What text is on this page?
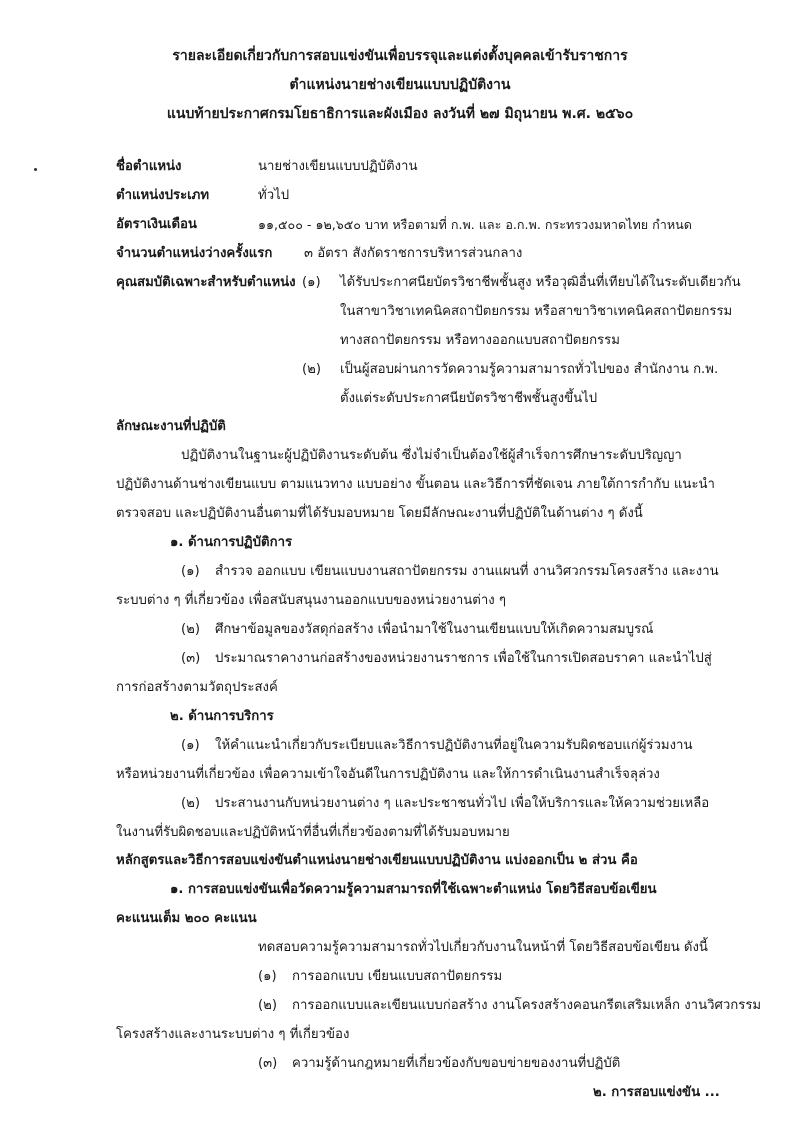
รายละเอียดเกี่ยวกับการสอบแข่งขันเพื่อบรรจุและแต่งตั้งบุคคลเข้ารับราชการ
ตำแหน่งนายช่างเขียนแบบปฏิบัติงาน
แนบท้ายประกาศกรมโยธาธิการและผังเมือง ลงวันที่ ๒๗ มิถุนายน พ.ศ. ๒๕๖๐
ชื่อตำแหน่ง	นายช่างเขียนแบบปฏิบัติงาน
ตำแหน่งประเภท	ทั่วไป
อัตราเงินเดือน	๑๑,๕๐๐ - ๑๒,๖๕๐ บาท หรือตามที่ ก.พ. และ อ.ก.พ. กระทรวงมหาดไทย กำหนด
จำนวนตำแหน่งว่างครั้งแรก ๓ อัตรา สังกัดราชการบริหารส่วนกลาง
คุณสมบัติเฉพาะสำหรับตำแหน่ง (๑) ได้รับประกาศนียบัตรวิชาชีพชั้นสูง หรือวุฒิอื่นที่เทียบได้ในระดับเดียวกัน
ในสาขาวิชาเทคนิคสถาปัตยกรรม หรือสาขาวิชาเทคนิคสถาปัตยกรรม
ทางสถาปัตยกรรม หรือทางออกแบบสถาปัตยกรรม
(๒) เป็นผู้สอบผ่านการวัดความรู้ความสามารถทั่วไปของ สำนักงาน ก.พ.
ตั้งแต่ระดับประกาศนียบัตรวิชาชีพชั้นสูงขึ้นไป
ลักษณะงานที่ปฏิบัติ
ปฏิบัติงานในฐานะผู้ปฏิบัติงานระดับต้น ซึ่งไม่จำเป็นต้องใช้ผู้สำเร็จการศึกษาระดับปริญญา
ปฏิบัติงานด้านช่างเขียนแบบ ตามแนวทาง แบบอย่าง ขั้นตอน และวิธีการที่ชัดเจน ภายใต้การกำกับ แนะนำ
ตรวจสอบ และปฏิบัติงานอื่นตามที่ได้รับมอบหมาย โดยมีลักษณะงานที่ปฏิบัติในด้านต่าง ๆ ดังนี้
๑. ด้านการปฏิบัติการ
(๑) สำรวจ ออกแบบ เขียนแบบงานสถาปัตยกรรม งานแผนที่ งานวิศวกรรมโครงสร้าง และงาน
ระบบต่าง ๆ ที่เกี่ยวข้อง เพื่อสนับสนุนงานออกแบบของหน่วยงานต่าง ๆ
(๒) ศึกษาข้อมูลของวัสดุก่อสร้าง เพื่อนำมาใช้ในงานเขียนแบบให้เกิดความสมบูรณ์
(๓) ประมาณราคางานก่อสร้างของหน่วยงานราชการ เพื่อใช้ในการเปิดสอบราคา และนำไปสู่
การก่อสร้างตามวัตถุประสงค์
๒. ด้านการบริการ
(๑) ให้คำแนะนำเกี่ยวกับระเบียบและวิธีการปฏิบัติงานที่อยู่ในความรับผิดชอบแก่ผู้ร่วมงาน
หรือหน่วยงานที่เกี่ยวข้อง เพื่อความเข้าใจอันดีในการปฏิบัติงาน และให้การดำเนินงานสำเร็จลุล่วง
(๒) ประสานงานกับหน่วยงานต่าง ๆ และประชาชนทั่วไป เพื่อให้บริการและให้ความช่วยเหลือ
ในงานที่รับผิดชอบและปฏิบัติหน้าที่อื่นที่เกี่ยวข้องตามที่ได้รับมอบหมาย
หลักสูตรและวิธีการสอบแข่งขันตำแหน่งนายช่างเขียนแบบปฏิบัติงาน แบ่งออกเป็น ๒ ส่วน คือ
๑. การสอบแข่งขันเพื่อวัดความรู้ความสามารถที่ใช้เฉพาะตำแหน่ง โดยวิธีสอบข้อเขียน
คะแนนเต็ม ๒๐๐ คะแนน
ทดสอบความรู้ความสามารถทั่วไปเกี่ยวกับงานในหน้าที่ โดยวิธีสอบข้อเขียน ดังนี้
(๑) การออกแบบ เขียนแบบสถาปัตยกรรม
(๒) การออกแบบและเขียนแบบก่อสร้าง งานโครงสร้างคอนกรีตเสริมเหล็ก งานวิศวกรรม
โครงสร้างและงานระบบต่าง ๆ ที่เกี่ยวข้อง
(๓) ความรู้ด้านกฎหมายที่เกี่ยวข้องกับขอบข่ายของงานที่ปฏิบัติ
๒. การสอบแข่งขัน ...
